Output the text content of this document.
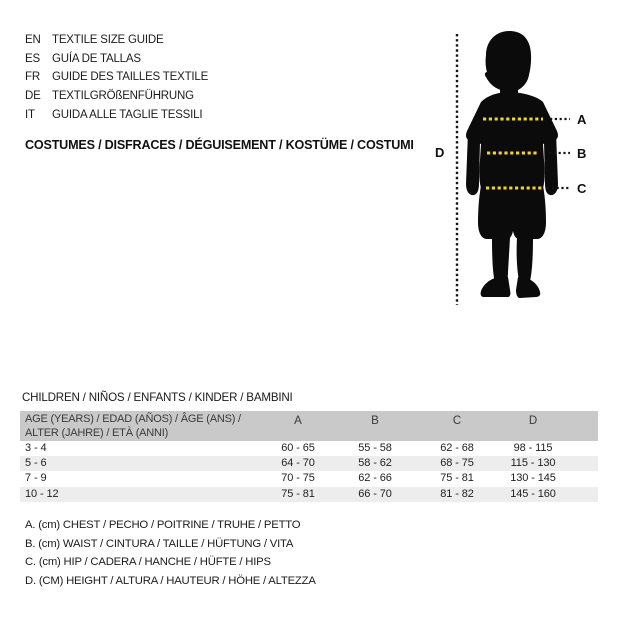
EN TEXTILE SIZE GUIDE
ES	GUÍA DE TALLAS
FR	GUIDE DES TAILLES TEXTILE
DE TEXTILGRÖßENFÜHRUNG
IT	GUIDA ALLE TAGLIE TESSILI
COSTUMES / DISFRACES / DÉGUISEMENT / KOSTÜME / COSTUMI
A
B
C
D
CHILDREN / NIÑOS / ENFANTS / KINDER / BAMBINI
AGE (YEARS) / EDAD (AÑOS) / ÂGE (ANS) /
ALTER (JAHRE) / ETÀ (ANNI)
A	B	C	D
3 - 4	60 - 65	55 - 58	62 - 68	98 - 115
5 - 6	64 - 70	58 - 62	68 - 75	115 - 130
7 - 9	70 - 75	62 - 66	75 - 81	130 - 145
10 - 12	75 - 81	66 - 70	81 - 82	145 - 160
A. (cm) CHEST / PECHO / POITRINE / TRUHE / PETTO
B. (cm) WAIST / CINTURA / TAILLE / HÜFTUNG / VITA
C. (cm) HIP / CADERA / HANCHE / HÜFTE / HIPS
D. (CM) HEIGHT / ALTURA / HAUTEUR / HÖHE / ALTEZZA
